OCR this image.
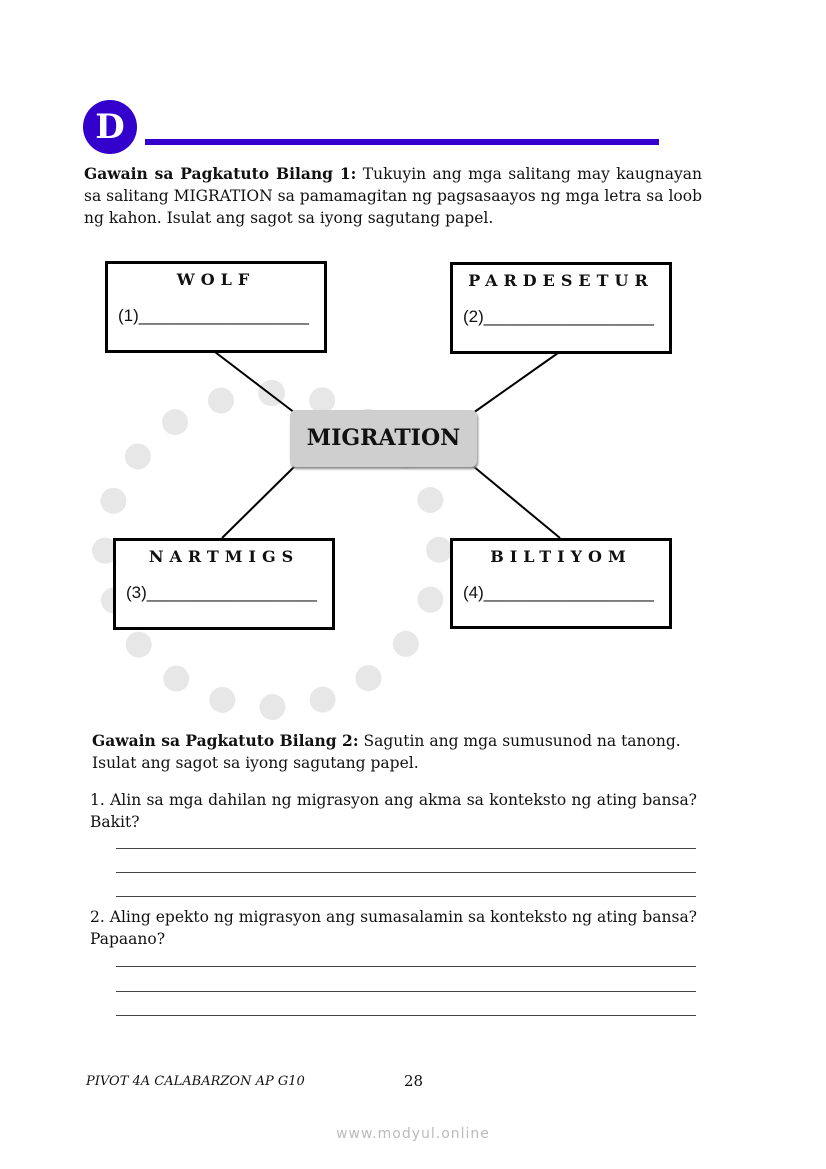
D
Gawain sa Pagkatuto Bilang 1: Tukuyin ang mga salitang may kaugnayan sa salitang MIGRATION sa pamamagitan ng pagsasaayos ng mga letra sa loob ng kahon. Isulat ang sagot sa iyong sagutang papel.
WOLF
(1)__________________
PARDESETUR
(2)__________________
NARTMIGS
(3)__________________
BILTIYOM
(4)__________________
MIGRATION
Gawain sa Pagkatuto Bilang 2: Sagutin ang mga sumusunod na tanong. Isulat ang sagot sa iyong sagutang papel.
1. Alin sa mga dahilan ng migrasyon ang akma sa konteksto ng ating bansa? Bakit?
2. Aling epekto ng migrasyon ang sumasalamin sa konteksto ng ating bansa? Papaano?
PIVOT 4A CALABARZON AP G10	28
www.modyul.online
